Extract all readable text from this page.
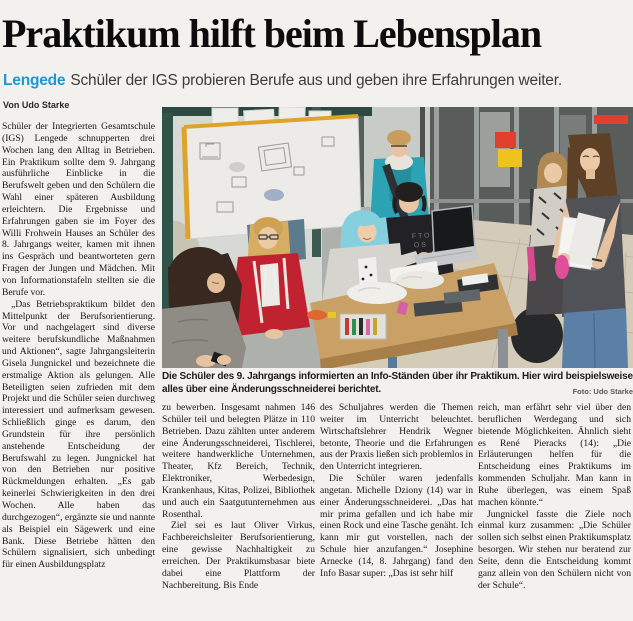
Praktikum hilft beim Lebensplan
Lengede Schüler der IGS probieren Berufe aus und geben ihre Erfahrungen weiter.
Von Udo Starke
F T O
O S
Die Schüler des 9. Jahrgangs informierten an Info-Ständen über ihr Praktikum. Hier wird beispielsweise alles über eine Änderungsschneiderei berichtet.	Foto: Udo Starke

Schüler der Integrierten Gesamtschule (IGS) Lengede schnupperten drei Wochen lang den Alltag in Betrieben. Ein Praktikum sollte dem 9. Jahrgang ausführliche Einblicke in die Berufswelt geben und den Schülern die Wahl einer späteren Ausbildung erleichtern. Die Ergebnisse und Erfahrungen gaben sie im Foyer des Willi Frohwein Hauses an Schüler des 8. Jahrgangs weiter, kamen mit ihnen ins Gespräch und beantworteten gern Fragen der Jungen und Mädchen. Mit von Informationstafeln stellten sie die Berufe vor.

„Das Betriebspraktikum bildet den Mittelpunkt der Berufsorientierung. Vor und nachgelagert sind diverse weitere berufskundliche Maßnahmen und Aktionen“, sagte Jahrgangsleiterin Gisela Jungnickel und bezeichnete die erstmalige Aktion als gelungen. Alle Beteiligten seien zufrieden mit dem Projekt und die Schüler seien durchweg interessiert und aufmerksam gewesen. Schließlich ginge es darum, den Grundstein für ihre persönlich anstehende Entscheidung der Berufswahl zu legen. Jungnickel hat von den Betrieben nur positive Rückmeldungen erhalten. „Es gab keinerlei Schwierigkeiten in den drei Wochen. Alle haben das durchgezogen“, ergänzte sie und nannte als Beispiel ein Sägewerk und eine Bank. Diese Betriebe hätten den Schülern signalisiert, sich unbedingt für einen Ausbildungsplatz

zu bewerben. Insgesamt nahmen 146 Schüler teil und belegten Plätze in 110 Betrieben. Dazu zählten unter anderem eine Änderungsschneiderei, Tischlerei, weitere handwerkliche Unternehmen, Theater, Kfz Bereich, Technik, Elektroniker, Werbedesign, Krankenhaus, Kitas, Polizei, Bibliothek und auch ein Saatgutunternehmen aus Rosenthal.

Ziel sei es laut Oliver Virkus, Fachbereichsleiter Berufsorientierung, eine gewisse Nachhaltigkeit zu erreichen. Der Praktikumsbasar biete dabei eine Plattform der Nachbereitung. Bis Ende

des Schuljahres werden die Themen weiter im Unterricht beleuchtet. Wirtschaftslehrer Hendrik Wegner betonte, Theorie und die Erfahrungen aus der Praxis ließen sich problemlos in den Unterricht integrieren.

Die Schüler waren jedenfalls angetan. Michelle Dziony (14) war in einer Änderungsschneiderei. „Das hat mir prima gefallen und ich habe mir einen Rock und eine Tasche genäht. Ich kann mir gut vorstellen, nach der Schule hier anzufangen.“ Josephine Arnecke (14, 8. Jahrgang) fand den Info Basar super: „Das ist sehr hilf

reich, man erfährt sehr viel über den beruflichen Werdegang und sich bietende Möglichkeiten. Ähnlich sieht es René Pieracks (14): „Die Erläuterungen helfen für die Entscheidung eines Praktikums im kommenden Schuljahr. Man kann in Ruhe überlegen, was einem Spaß machen könnte.“

Jungnickel fasste die Ziele noch einmal kurz zusammen: „Die Schüler sollen sich selbst einen Praktikumsplatz besorgen. Wir stehen nur beratend zur Seite, denn die Entscheidung kommt ganz allein von den Schülern nicht von der Schule“.
